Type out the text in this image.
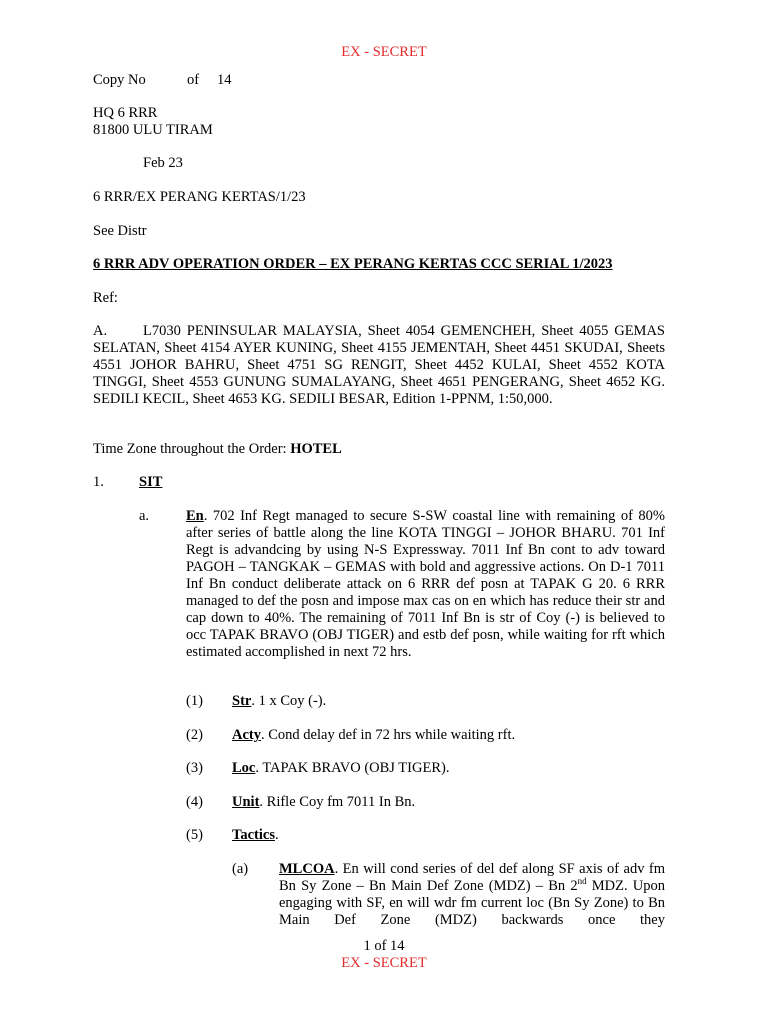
EX - SECRET
Copy No	of 14
HQ 6 RRR
81800 ULU TIRAM
Feb 23
6 RRR/EX PERANG KERTAS/1/23
See Distr
6 RRR ADV OPERATION ORDER – EX PERANG KERTAS CCC SERIAL 1/2023
Ref:
A. L7030 PENINSULAR MALAYSIA, Sheet 4054 GEMENCHEH, Sheet 4055 GEMAS SELATAN, Sheet 4154 AYER KUNING, Sheet 4155 JEMENTAH, Sheet 4451 SKUDAI, Sheets 4551 JOHOR BAHRU, Sheet 4751 SG RENGIT, Sheet 4452 KULAI, Sheet 4552 KOTA TINGGI, Sheet 4553 GUNUNG SUMALAYANG, Sheet 4651 PENGERANG, Sheet 4652 KG. SEDILI KECIL, Sheet 4653 KG. SEDILI BESAR, Edition 1-PPNM, 1:50,000.
Time Zone throughout the Order: HOTEL
1. SIT
a.	En. 702 Inf Regt managed to secure S-SW coastal line with remaining of 80% after series of battle along the line KOTA TINGGI – JOHOR BHARU. 701 Inf Regt is advandcing by using N-S Expressway. 7011 Inf Bn cont to adv toward PAGOH – TANGKAK – GEMAS with bold and aggressive actions. On D-1 7011 Inf Bn conduct deliberate attack on 6 RRR def posn at TAPAK G 20. 6 RRR managed to def the posn and impose max cas on en which has reduce their str and cap down to 40%. The remaining of 7011 Inf Bn is str of Coy (-) is believed to occ TAPAK BRAVO (OBJ TIGER) and estb def posn, while waiting for rft which estimated accomplished in next 72 hrs.
(1) Str. 1 x Coy (-).
(2) Acty. Cond delay def in 72 hrs while waiting rft.
(3) Loc. TAPAK BRAVO (OBJ TIGER).
(4) Unit. Rifle Coy fm 7011 In Bn.
(5) Tactics.
(a) MLCOA. En will cond series of del def along SF axis of adv fm Bn Sy Zone – Bn Main Def Zone (MDZ) – Bn 2nd MDZ. Upon engaging with SF, en will wdr fm current loc (Bn Sy Zone) to Bn Main Def Zone (MDZ) backwards once they
1 of 14
EX - SECRET
